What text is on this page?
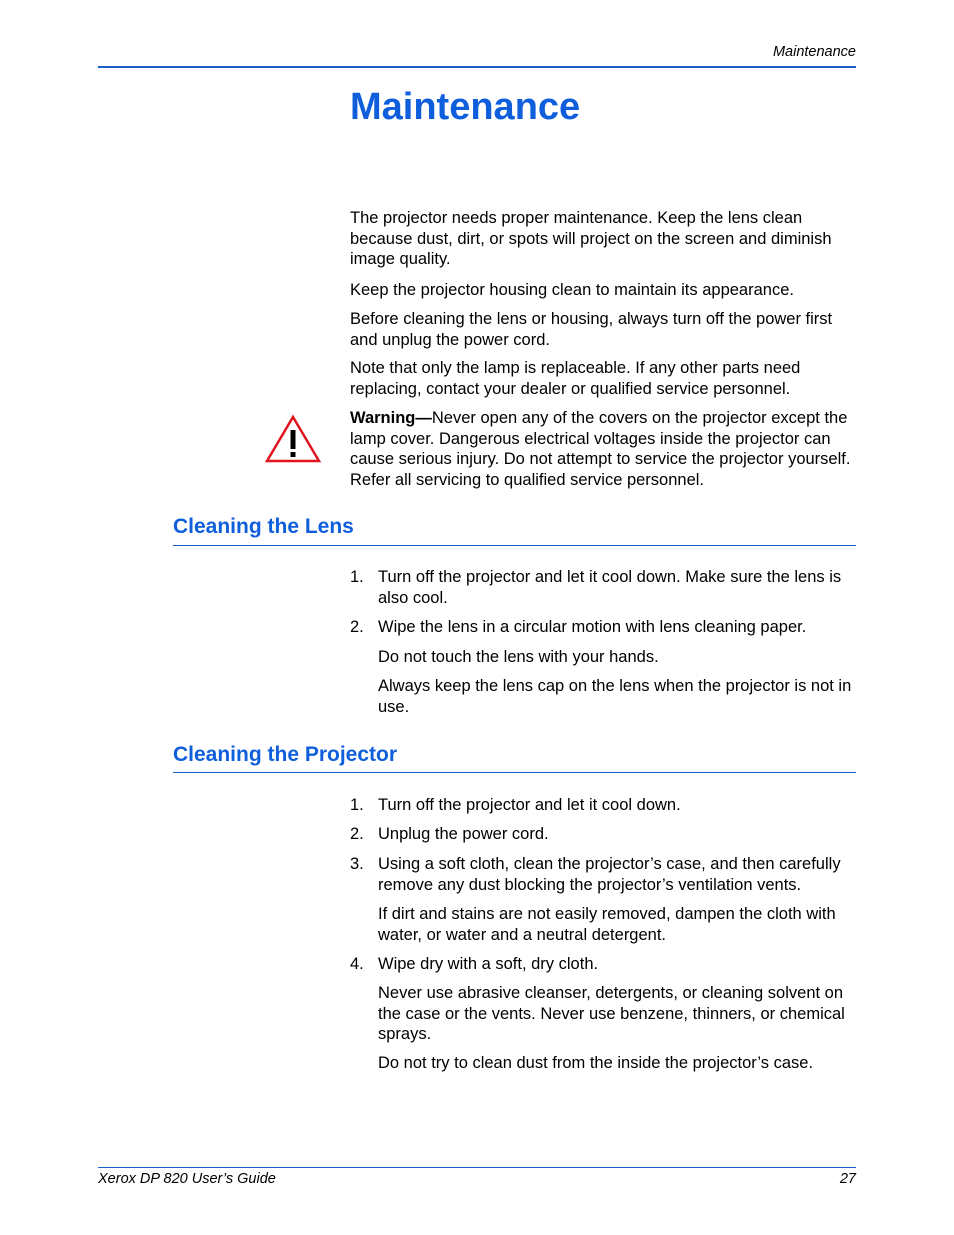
Maintenance
Maintenance

The projector needs proper maintenance. Keep the lens clean because dust, dirt, or spots will project on the screen and diminish image quality.

Keep the projector housing clean to maintain its appearance.

Before cleaning the lens or housing, always turn off the power first and unplug the power cord.

Note that only the lamp is replaceable. If any other parts need replacing, contact your dealer or qualified service personnel.

Warning—Never open any of the covers on the projector except the lamp cover. Dangerous electrical voltages inside the projector can cause serious injury. Do not attempt to service the projector yourself. Refer all servicing to qualified service personnel.

Cleaning the Lens
1. Turn off the projector and let it cool down. Make sure the lens is also cool.
2. Wipe the lens in a circular motion with lens cleaning paper.

Do not touch the lens with your hands.

Always keep the lens cap on the lens when the projector is not in use.

Cleaning the Projector
1. Turn off the projector and let it cool down.
2. Unplug the power cord.
3. Using a soft cloth, clean the projector’s case, and then carefully remove any dust blocking the projector’s ventilation vents.

If dirt and stains are not easily removed, dampen the cloth with water, or water and a neutral detergent.

4. Wipe dry with a soft, dry cloth.

Never use abrasive cleanser, detergents, or cleaning solvent on the case or the vents. Never use benzene, thinners, or chemical sprays.

Do not try to clean dust from the inside the projector’s case.

Xerox DP 820 User’s Guide	27
